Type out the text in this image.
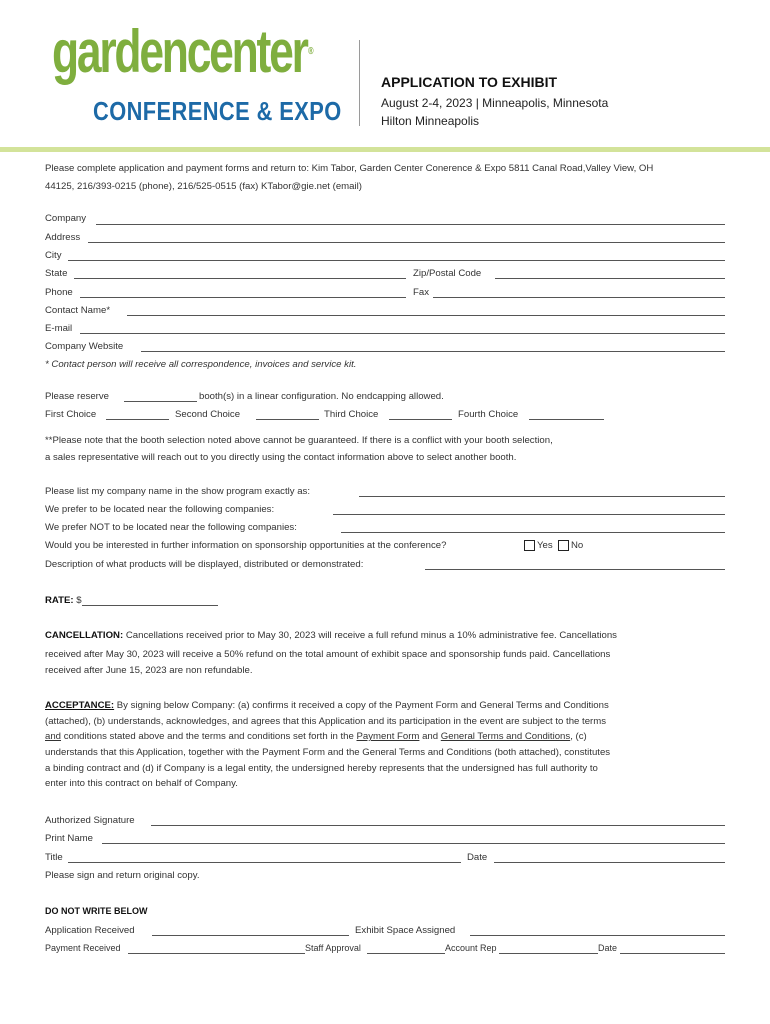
gardencenter®
CONFERENCE & EXPO
APPLICATION TO EXHIBIT
August 2-4, 2023 | Minneapolis, Minnesota
Hilton Minneapolis
Please complete application and payment forms and return to: Kim Tabor, Garden Center Conerence & Expo 5811 Canal Road,Valley View, OH
44125, 216/393-0215 (phone), 216/525-0515 (fax) KTabor@gie.net (email)
Company
Address
City
State	Zip/Postal Code
Phone	Fax
Contact Name*
E-mail
Company Website
* Contact person will receive all correspondence, invoices and service kit.
Please reserve	booth(s) in a linear configuration. No endcapping allowed.
First Choice	Second Choice	Third Choice	Fourth Choice
**Please note that the booth selection noted above cannot be guaranteed. If there is a conflict with your booth selection,
a sales representative will reach out to you directly using the contact information above to select another booth.
Please list my company name in the show program exactly as:
We prefer to be located near the following companies:
We prefer NOT to be located near the following companies:
Would you be interested in further information on sponsorship opportunities at the conference?	Yes No
Description of what products will be displayed, distributed or demonstrated:
RATE: $
CANCELLATION: Cancellations received prior to May 30, 2023 will receive a full refund minus a 10% administrative fee. Cancellations
received after May 30, 2023 will receive a 50% refund on the total amount of exhibit space and sponsorship funds paid. Cancellations
received after June 15, 2023 are non refundable.
ACCEPTANCE: By signing below Company: (a) confirms it received a copy of the Payment Form and General Terms and Conditions
(attached), (b) understands, acknowledges, and agrees that this Application and its participation in the event are subject to the terms
and conditions stated above and the terms and conditions set forth in the Payment Form and General Terms and Conditions, (c)
understands that this Application, together with the Payment Form and the General Terms and Conditions (both attached), constitutes
a binding contract and (d) if Company is a legal entity, the undersigned hereby represents that the undersigned has full authority to
enter into this contract on behalf of Company.
Authorized Signature
Print Name
Title	Date
Please sign and return original copy.
DO NOT WRITE BELOW
Application Received	Exhibit Space Assigned
Payment Received	Staff Approval	Account Rep	Date
